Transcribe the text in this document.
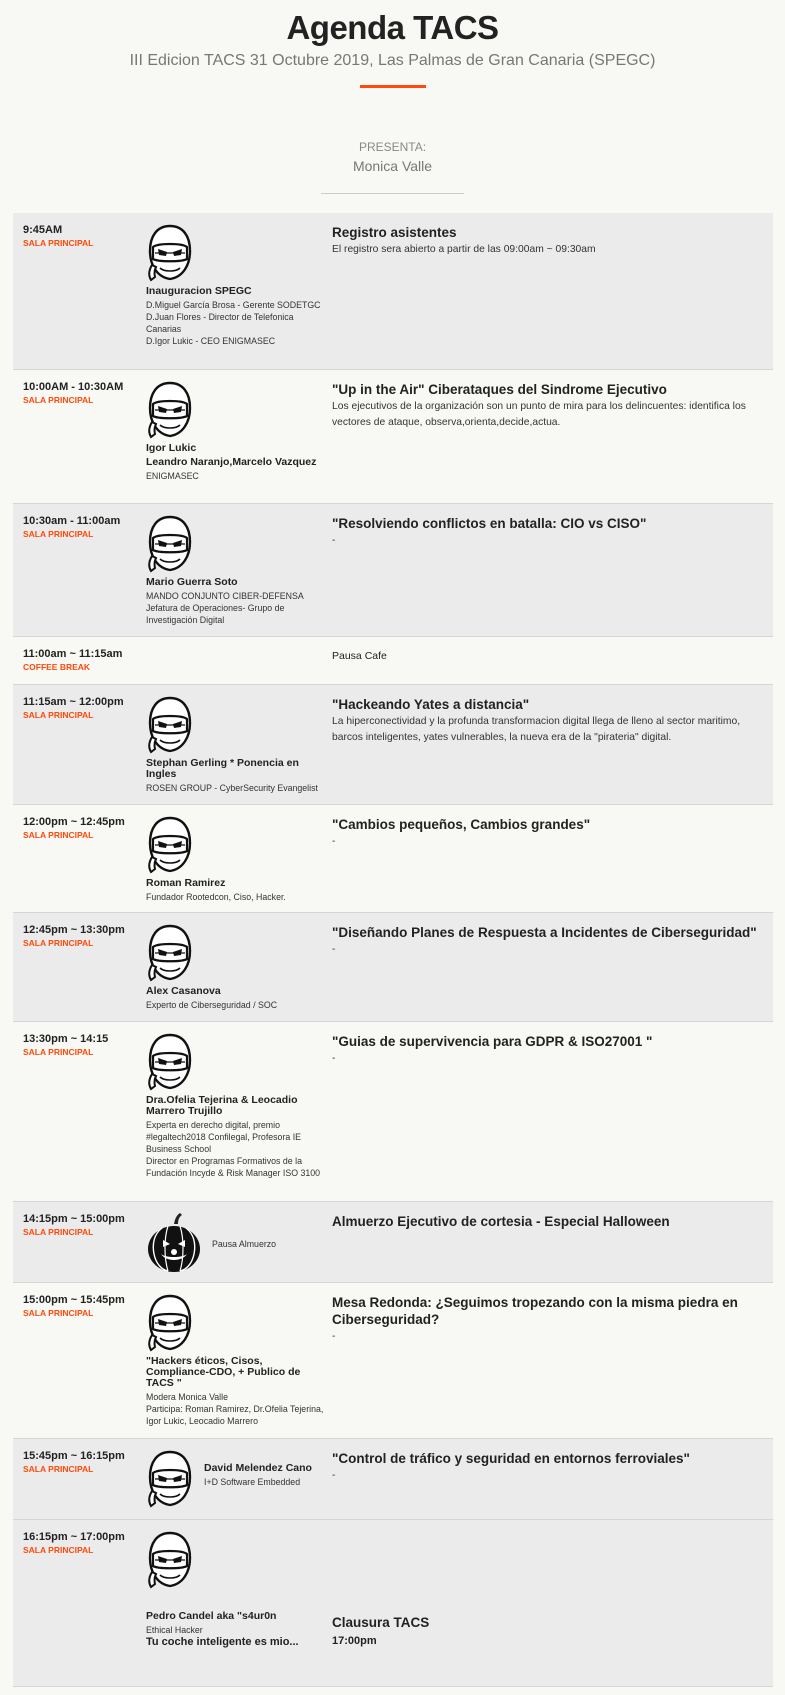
Agenda TACS
III Edicion TACS 31 Octubre 2019, Las Palmas de Gran Canaria (SPEGC)
PRESENTA:
Monica Valle
9:45AM
SALA PRINCIPAL
Inauguracion SPEGC
D.Miguel García Brosa - Gerente SODETGC
D.Juan Flores - Director de Telefonica Canarias
D.Igor Lukic - CEO ENIGMASEC
Registro asistentes
El registro sera abierto a partir de las 09:00am ~ 09:30am
10:00AM - 10:30AM
SALA PRINCIPAL
Igor Lukic
Leandro Naranjo,Marcelo Vazquez
ENIGMASEC
"Up in the Air" Ciberataques del Sindrome Ejecutivo
Los ejecutivos de la organización son un punto de mira para los delincuentes: identifica los vectores de ataque, observa,orienta,decide,actua.
10:30am - 11:00am
SALA PRINCIPAL
Mario Guerra Soto
MANDO CONJUNTO CIBER-DEFENSA
Jefatura de Operaciones- Grupo de Investigación Digital
"Resolviendo conflictos en batalla: CIO vs CISO"
-
11:00am ~ 11:15am
COFFEE BREAK
Pausa Cafe
11:15am ~ 12:00pm
SALA PRINCIPAL
Stephan Gerling * Ponencia en Ingles
ROSEN GROUP - CyberSecurity Evangelist
"Hackeando Yates a distancia"
La hiperconectividad y la profunda transformacion digital llega de lleno al sector maritimo, barcos inteligentes, yates vulnerables, la nueva era de la "pirateria" digital.
12:00pm ~ 12:45pm
SALA PRINCIPAL
Roman Ramirez
Fundador Rootedcon, Ciso, Hacker.
"Cambios pequeños, Cambios grandes"
-
12:45pm ~ 13:30pm
SALA PRINCIPAL
Alex Casanova
Experto de Ciberseguridad / SOC
"Diseñando Planes de Respuesta a Incidentes de Ciberseguridad"
-
13:30pm ~ 14:15
SALA PRINCIPAL
Dra.Ofelia Tejerina & Leocadio Marrero Trujillo
Experta en derecho digital, premio #legaltech2018 Confilegal, Profesora IE Business School
Director en Programas Formativos de la Fundación Incyde & Risk Manager ISO 3100
"Guias de supervivencia para GDPR & ISO27001 "
-
14:15pm ~ 15:00pm
SALA PRINCIPAL
Pausa Almuerzo
Almuerzo Ejecutivo de cortesia - Especial Halloween
15:00pm ~ 15:45pm
SALA PRINCIPAL
"Hackers éticos, Cisos, Compliance-CDO, + Publico de TACS "
Modera Monica Valle
Participa: Roman Ramirez, Dr.Ofelia Tejerina, Igor Lukic, Leocadio Marrero
Mesa Redonda: ¿Seguimos tropezando con la misma piedra en Ciberseguridad?
-
15:45pm ~ 16:15pm
SALA PRINCIPAL	David Melendez Cano
I+D Software Embedded
"Control de tráfico y seguridad en entornos ferroviales"
-
16:15pm ~ 17:00pm
SALA PRINCIPAL
Pedro Candel aka "s4ur0n
Ethical Hacker
Tu coche inteligente es mio...
Clausura TACS
17:00pm
